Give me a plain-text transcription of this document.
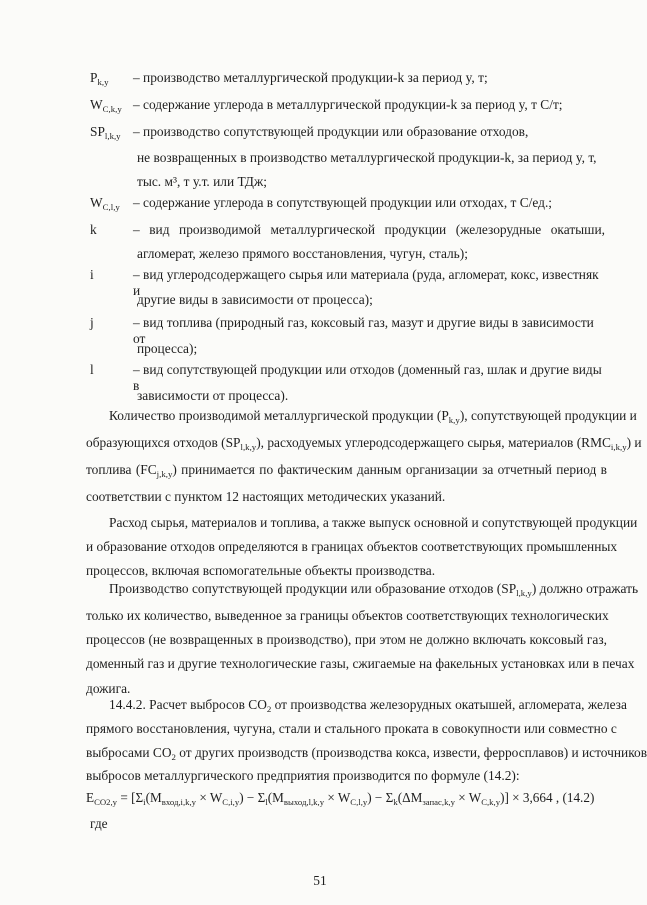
$P_{k,y}$ – производство металлургической продукции-k за период y, т;
$W_{C,k,y}$ – содержание углерода в металлургической продукции-k за период y, т С/т;
$SP_{l,k,y}$ – производство сопутствующей продукции или образование отходов,
не возвращенных в производство металлургической продукции-k, за период y, т,
тыс. м³, т у.т. или ТДж;
$W_{C,l,y}$ – содержание углерода в сопутствующей продукции или отходах, т С/ед.;
k	– вид производимой металлургической продукции (железорудные окатыши,
агломерат, железо прямого восстановления, чугун, сталь);
i	– вид углеродсодержащего сырья или материала (руда, агломерат, кокс, известняк и
другие виды в зависимости от процесса);
j	– вид топлива (природный газ, коксовый газ, мазут и другие виды в зависимости от
процесса);
l	– вид сопутствующей продукции или отходов (доменный газ, шлак и другие виды в
зависимости от процесса).
Количество производимой металлургической продукции $(P_{k,y})$, сопутствующей продукции и
образующихся отходов $(SP_{l,k,y})$, расходуемых углеродсодержащего сырья, материалов $(RMC_{i,k,y})$ и
топлива $(FC_{j,k,y})$ принимается по фактическим данным организации за отчетный период в
соответствии с пунктом 12 настоящих методических указаний.
Расход сырья, материалов и топлива, а также выпуск основной и сопутствующей продукции
и образование отходов определяются в границах объектов соответствующих промышленных
процессов, включая вспомогательные объекты производства.
Производство сопутствующей продукции или образование отходов $(SP_{l,k,y})$ должно отражать
только их количество, выведенное за границы объектов соответствующих технологических
процессов (не возвращенных в производство), при этом не должно включать коксовый газ,
доменный газ и другие технологические газы, сжигаемые на факельных установках или в печах
дожига.
14.4.2. Расчет выбросов $CO_2$ от производства железорудных окатышей, агломерата, железа
прямого восстановления, чугуна, стали и стального проката в совокупности или совместно с
выбросами $CO_2$ от других производств (производства кокса, извести, ферросплавов) и источников
выбросов металлургического предприятия производится по формуле (14.2):
$E_{CO2,y} = [\Sigma_i(M_{вход,i,k,y} \times W_{C,i,y}) - \Sigma_l(M_{выход,l,k,y} \times W_{C,l,y}) - \Sigma_k(\Delta M_{запас,k,y} \times W_{C,k,y})] \times 3,664$ , (14.2)
где
51
